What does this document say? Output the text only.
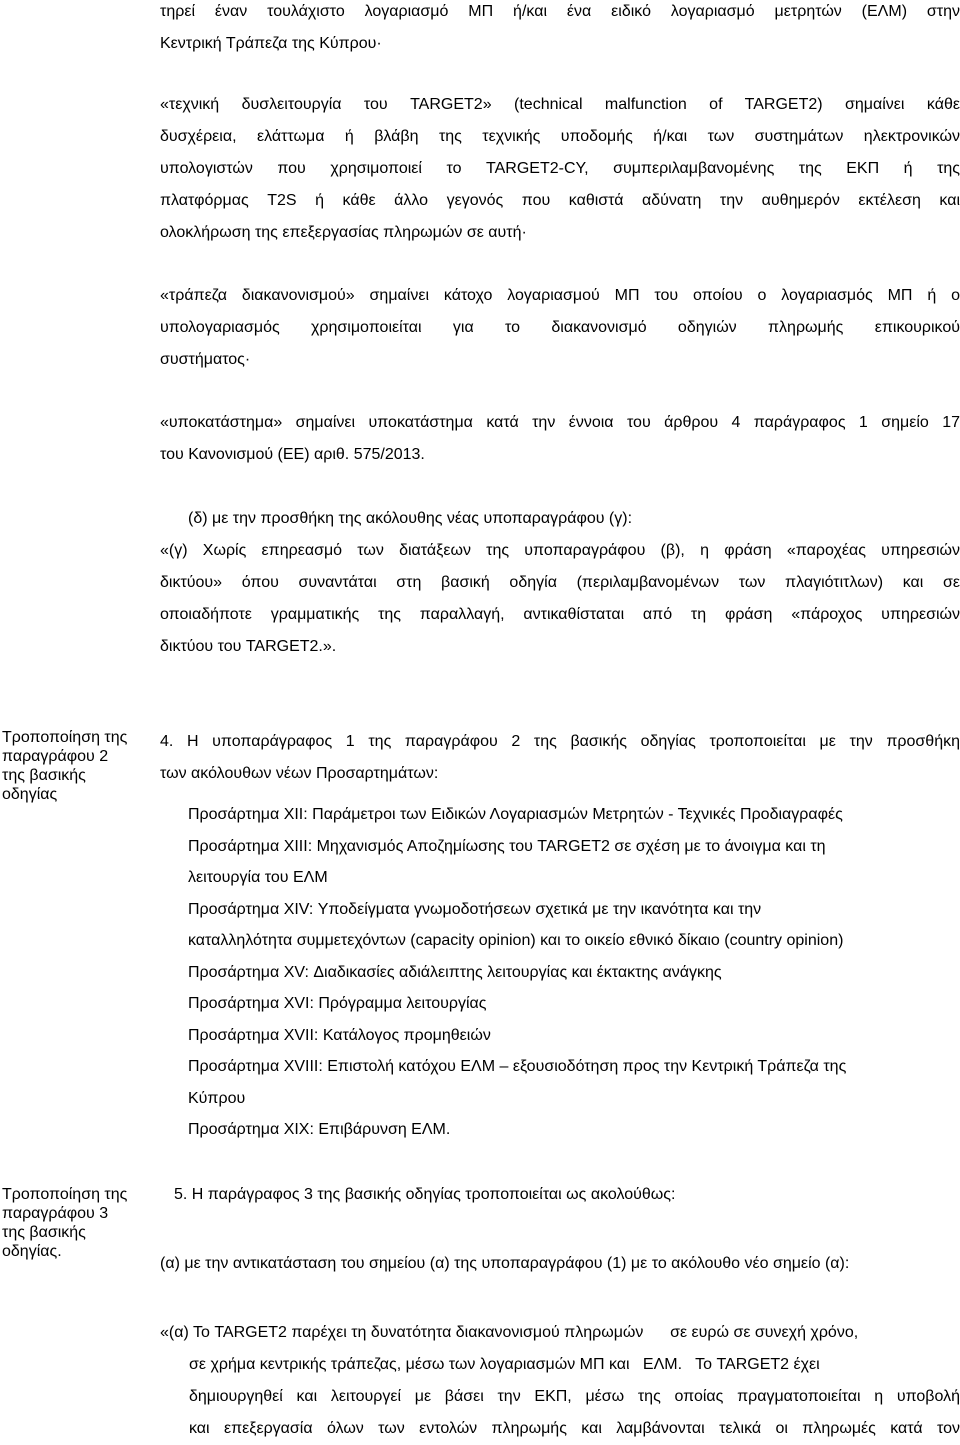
τηρεί έναν τουλάχιστο λογαριασμό ΜΠ ή/και ένα ειδικό λογαριασμό μετρητών (ΕΛΜ) στην
Κεντρική Τράπεζα της Κύπρου·
«τεχνική δυσλειτουργία του TARGET2» (technical malfunction of TARGET2) σημαίνει κάθε
δυσχέρεια, ελάττωμα ή βλάβη της τεχνικής υποδομής ή/και των συστημάτων ηλεκτρονικών
υπολογιστών που χρησιμοποιεί το TARGET2-CY, συμπεριλαμβανομένης της ΕΚΠ ή της
πλατφόρμας T2S ή κάθε άλλο γεγονός που καθιστά αδύνατη την αυθημερόν εκτέλεση και
ολοκλήρωση της επεξεργασίας πληρωμών σε αυτή·
«τράπεζα διακανονισμού» σημαίνει κάτοχο λογαριασμού ΜΠ του οποίου ο λογαριασμός ΜΠ ή ο
υπολογαριασμός χρησιμοποιείται για το διακανονισμό οδηγιών πληρωμής επικουρικού
συστήματος·
«υποκατάστημα» σημαίνει υποκατάστημα κατά την έννοια του άρθρου 4 παράγραφος 1 σημείο 17
του Κανονισμού (ΕΕ) αριθ. 575/2013.
(δ) με την προσθήκη της ακόλουθης νέας υποπαραγράφου (γ):
«(γ) Χωρίς επηρεασμό των διατάξεων της υποπαραγράφου (β), η φράση «παροχέας υπηρεσιών
δικτύου» όπου συναντάται στη βασική οδηγία (περιλαμβανομένων των πλαγιότιτλων) και σε
οποιαδήποτε γραμματικής της παραλλαγή, αντικαθίσταται από τη φράση «πάροχος υπηρεσιών
δικτύου του TARGET2.».
Τροποποίηση της
παραγράφου 2
της βασικής
οδηγίας
4. Η υποπαράγραφος 1 της παραγράφου 2 της βασικής οδηγίας τροποποιείται με την προσθήκη
των ακόλουθων νέων Προσαρτημάτων:
Προσάρτημα XII: Παράμετροι των Ειδικών Λογαριασμών Μετρητών - Τεχνικές Προδιαγραφές
Προσάρτημα XIII: Μηχανισμός Αποζημίωσης του TARGET2 σε σχέση με το άνοιγμα και τη
λειτουργία του ΕΛΜ
Προσάρτημα XIV: Υποδείγματα γνωμοδοτήσεων σχετικά με την ικανότητα και την
καταλληλότητα συμμετεχόντων (capacity opinion) και το οικείο εθνικό δίκαιο (country opinion)
Προσάρτημα XV: Διαδικασίες αδιάλειπτης λειτουργίας και έκτακτης ανάγκης
Προσάρτημα XVI: Πρόγραμμα λειτουργίας
Προσάρτημα XVII: Κατάλογος προμηθειών
Προσάρτημα XVIII: Επιστολή κατόχου ΕΛΜ – εξουσιοδότηση προς την Κεντρική Τράπεζα της
Κύπρου
Προσάρτημα XIX: Επιβάρυνση ΕΛΜ.
Τροποποίηση της
παραγράφου 3
της βασικής
οδηγίας.
5. Η παράγραφος 3 της βασικής οδηγίας τροποποιείται ως ακολούθως:
(α) με την αντικατάσταση του σημείου (α) της υποπαραγράφου (1) με το ακόλουθο νέο σημείο (α):
«(α) Το TARGET2 παρέχει τη δυνατότητα διακανονισμού πληρωμών      σε ευρώ σε συνεχή χρόνο,
σε χρήμα κεντρικής τράπεζας, μέσω των λογαριασμών ΜΠ και   ΕΛΜ.   Το TARGET2 έχει
δημιουργηθεί και λειτουργεί με βάσει την ΕΚΠ, μέσω της οποίας πραγματοποιείται η υποβολή
και επεξεργασία όλων των εντολών πληρωμής και λαμβάνονται τελικά οι πληρωμές κατά τον
